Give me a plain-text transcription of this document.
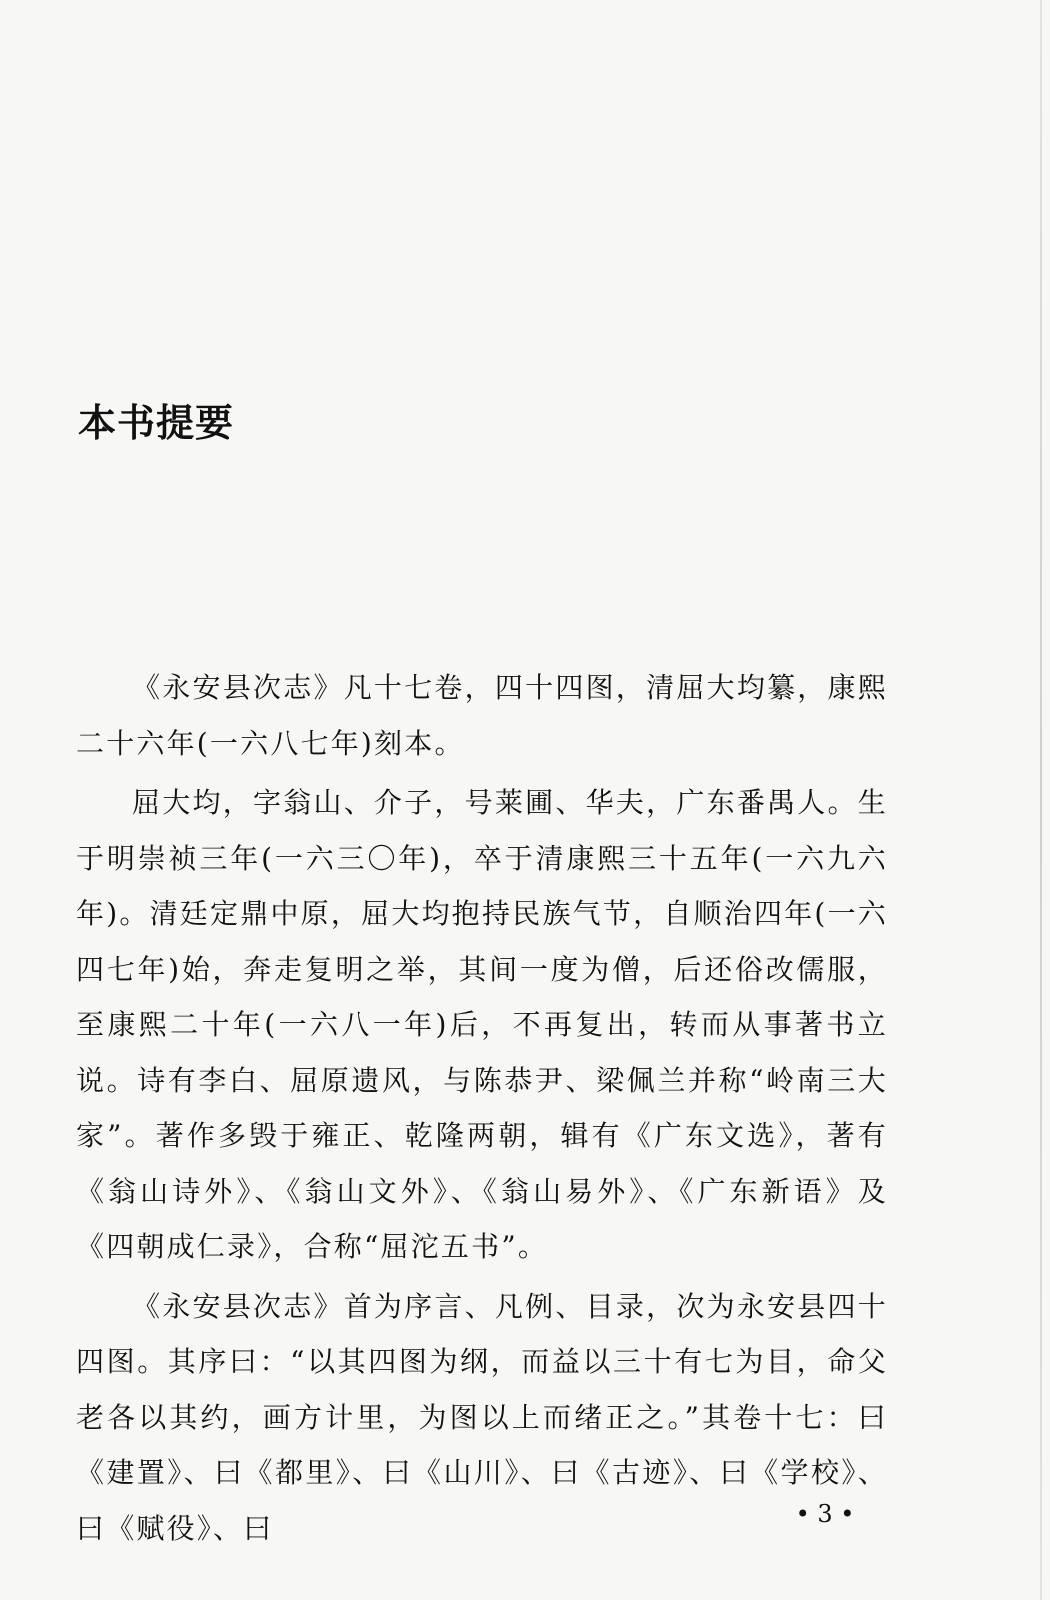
本书提要

《永安县次志》凡十七卷，四十四图，清屈大均纂，康熙二十六年(一六八七年)刻本。

屈大均，字翁山、介子，号莱圃、华夫，广东番禺人。生于明崇祯三年(一六三〇年)，卒于清康熙三十五年(一六九六年)。清廷定鼎中原，屈大均抱持民族气节，自顺治四年(一六四七年)始，奔走复明之举，其间一度为僧，后还俗改儒服，至康熙二十年(一六八一年)后，不再复出，转而从事著书立说。诗有李白、屈原遗风，与陈恭尹、梁佩兰并称“岭南三大家”。著作多毁于雍正、乾隆两朝，辑有《广东文选》，著有《翁山诗外》、《翁山文外》、《翁山易外》、《广东新语》及《四朝成仁录》，合称“屈沱五书”。

《永安县次志》首为序言、凡例、目录，次为永安县四十四图。其序曰：“以其四图为纲，而益以三十有七为目，命父老各以其约，画方计里，为图以上而绪正之。”其卷十七：曰《建置》、曰《都里》、曰《山川》、曰《古迹》、曰《学校》、曰《赋役》、曰	• 3 •
